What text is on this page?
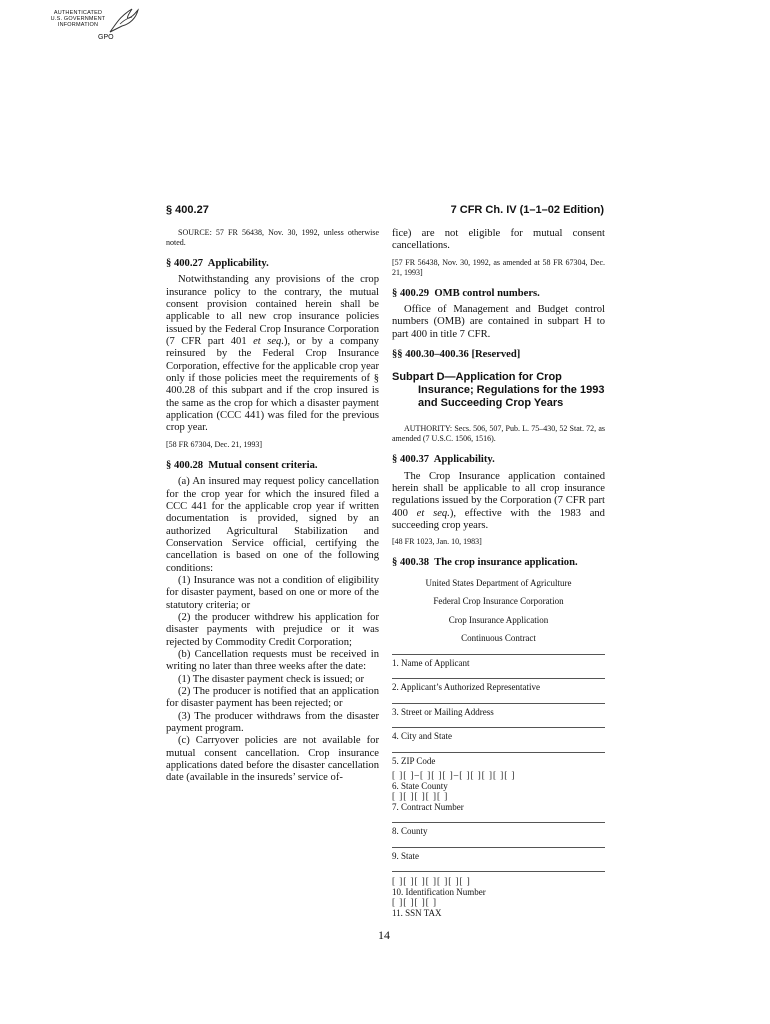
AUTHENTICATED
U.S. GOVERNMENT
INFORMATION
GPO
§ 400.27	7 CFR Ch. IV (1–1–02 Edition)

SOURCE: 57 FR 56438, Nov. 30, 1992, unless otherwise noted.

§ 400.27 Applicability.

Notwithstanding any provisions of the crop insurance policy to the contrary, the mutual consent provision contained herein shall be applicable to all new crop insurance policies issued by the Federal Crop Insurance Corporation (7 CFR part 401 et seq.), or by a company reinsured by the Federal Crop Insurance Corporation, effective for the applicable crop year only if those policies meet the requirements of § 400.28 of this subpart and if the crop insured is the same as the crop for which a disaster payment application (CCC 441) was filed for the previous crop year.

[58 FR 67304, Dec. 21, 1993]

§ 400.28 Mutual consent criteria.

(a) An insured may request policy cancellation for the crop year for which the insured filed a CCC 441 for the applicable crop year if written documentation is provided, signed by an authorized Agricultural Stabilization and Conservation Service official, certifying the cancellation is based on one of the following conditions:

(1) Insurance was not a condition of eligibility for disaster payment, based on one or more of the statutory criteria; or

(2) the producer withdrew his application for disaster payments with prejudice or it was rejected by Commodity Credit Corporation;

(b) Cancellation requests must be received in writing no later than three weeks after the date:

(1) The disaster payment check is issued; or

(2) The producer is notified that an application for disaster payment has been rejected; or

(3) The producer withdraws from the disaster payment program.

(c) Carryover policies are not available for mutual consent cancellation. Crop insurance applications dated before the disaster cancellation date (available in the insureds’ service of-

fice) are not eligible for mutual consent cancellations.

[57 FR 56438, Nov. 30, 1992, as amended at 58 FR 67304, Dec. 21, 1993]

§ 400.29 OMB control numbers.

Office of Management and Budget control numbers (OMB) are contained in subpart H to part 400 in title 7 CFR.

§§ 400.30–400.36 [Reserved]

Subpart D—Application for Crop Insurance; Regulations for the 1993 and Succeeding Crop Years

AUTHORITY: Secs. 506, 507, Pub. L. 75–430, 52 Stat. 72, as amended (7 U.S.C. 1506, 1516).

§ 400.37 Applicability.

The Crop Insurance application contained herein shall be applicable to all crop insurance regulations issued by the Corporation (7 CFR part 400 et seq.), effective with the 1983 and succeeding crop years.

[48 FR 1023, Jan. 10, 1983]

§ 400.38 The crop insurance application.

United States Department of Agriculture

Federal Crop Insurance Corporation

Crop Insurance Application

Continuous Contract

1. Name of Applicant

2. Applicant’s Authorized Representative

3. Street or Mailing Address

4. City and State

5. ZIP Code

[ ][ ]–[ ][ ][ ]–[ ][ ][ ][ ][ ]

6. State County

[ ][ ][ ][ ][ ]

7. Contract Number

8. County

9. State

[ ][ ][ ][ ][ ][ ][ ]

10. Identification Number

[ ][ ][ ][ ]

11. SSN TAX

14
